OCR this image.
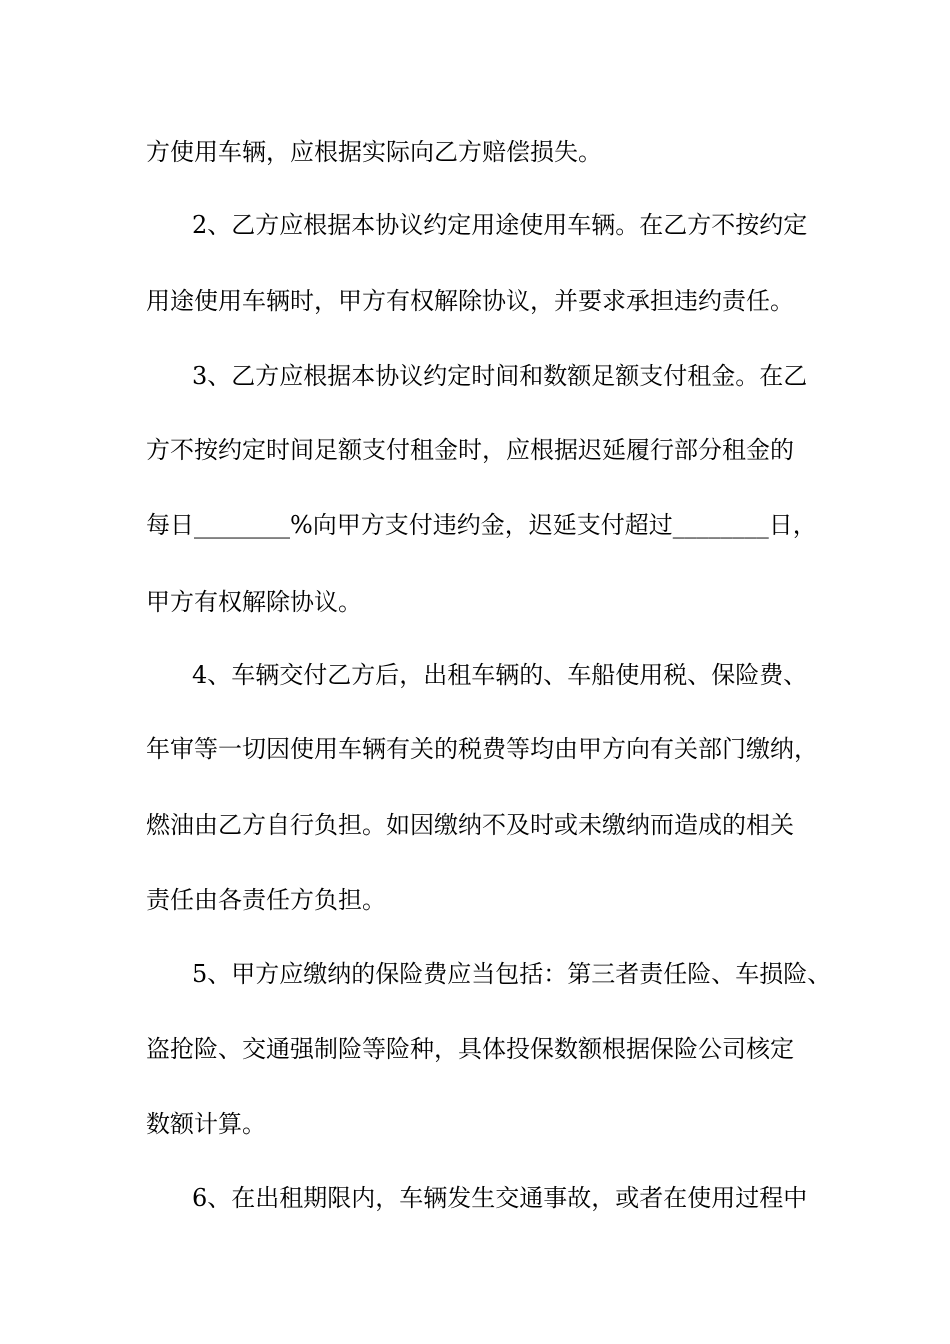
方使用车辆，应根据实际向乙方赔偿损失。
2、乙方应根据本协议约定用途使用车辆。在乙方不按约定
用途使用车辆时，甲方有权解除协议，并要求承担违约责任。
3、乙方应根据本协议约定时间和数额足额支付租金。在乙
方不按约定时间足额支付租金时，应根据迟延履行部分租金的
每日________%向甲方支付违约金，迟延支付超过________日，
甲方有权解除协议。
4、车辆交付乙方后，出租车辆的、车船使用税、保险费、
年审等一切因使用车辆有关的税费等均由甲方向有关部门缴纳，
燃油由乙方自行负担。如因缴纳不及时或未缴纳而造成的相关
责任由各责任方负担。
5、甲方应缴纳的保险费应当包括：第三者责任险、车损险、
盗抢险、交通强制险等险种，具体投保数额根据保险公司核定
数额计算。
6、在出租期限内，车辆发生交通事故，或者在使用过程中
